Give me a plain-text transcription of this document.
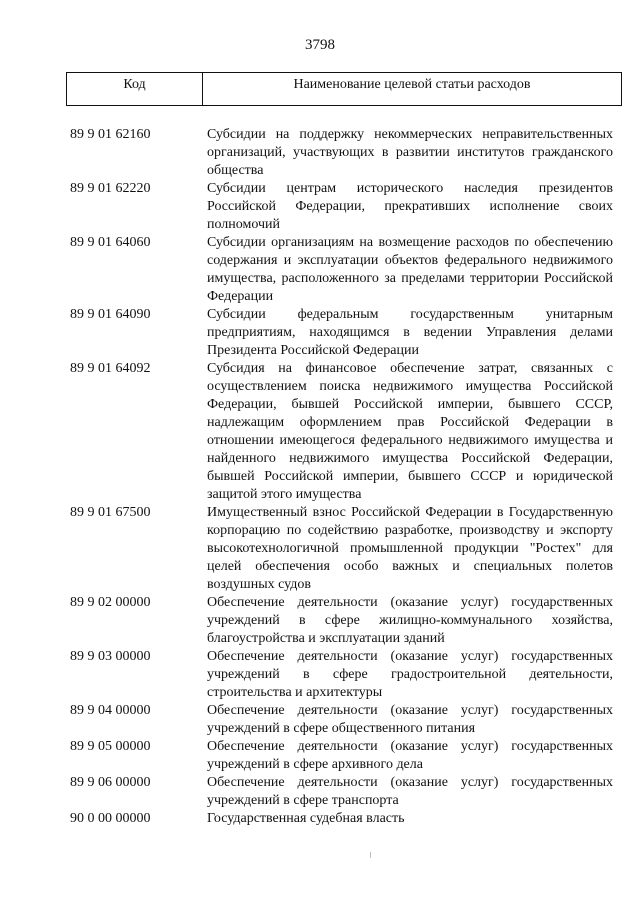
3798
Код	Наименование целевой статьи расходов
89 9 01 62160	Субсидии на поддержку некоммерческих неправительственных организаций, участвующих в развитии институтов гражданского общества
89 9 01 62220	Субсидии центрам исторического наследия президентов Российской Федерации, прекративших исполнение своих полномочий
89 9 01 64060	Субсидии организациям на возмещение расходов по обеспечению содержания и эксплуатации объектов федерального недвижимого имущества, расположенного за пределами территории Российской Федерации
89 9 01 64090	Субсидии федеральным государственным унитарным предприятиям, находящимся в ведении Управления делами Президента Российской Федерации
89 9 01 64092	Субсидия на финансовое обеспечение затрат, связанных с осуществлением поиска недвижимого имущества Российской Федерации, бывшей Российской империи, бывшего СССР, надлежащим оформлением прав Российской Федерации в отношении имеющегося федерального недвижимого имущества и найденного недвижимого имущества Российской Федерации, бывшей Российской империи, бывшего СССР и юридической защитой этого имущества
89 9 01 67500	Имущественный взнос Российской Федерации в Государственную корпорацию по содействию разработке, производству и экспорту высокотехнологичной промышленной продукции "Ростех" для целей обеспечения особо важных и специальных полетов воздушных судов
89 9 02 00000	Обеспечение деятельности (оказание услуг) государственных учреждений в сфере жилищно-коммунального хозяйства, благоустройства и эксплуатации зданий
89 9 03 00000	Обеспечение деятельности (оказание услуг) государственных учреждений в сфере градостроительной деятельности, строительства и архитектуры
89 9 04 00000	Обеспечение деятельности (оказание услуг) государственных учреждений в сфере общественного питания
89 9 05 00000	Обеспечение деятельности (оказание услуг) государственных учреждений в сфере архивного дела
89 9 06 00000	Обеспечение деятельности (оказание услуг) государственных учреждений в сфере транспорта
90 0 00 00000	Государственная судебная власть
